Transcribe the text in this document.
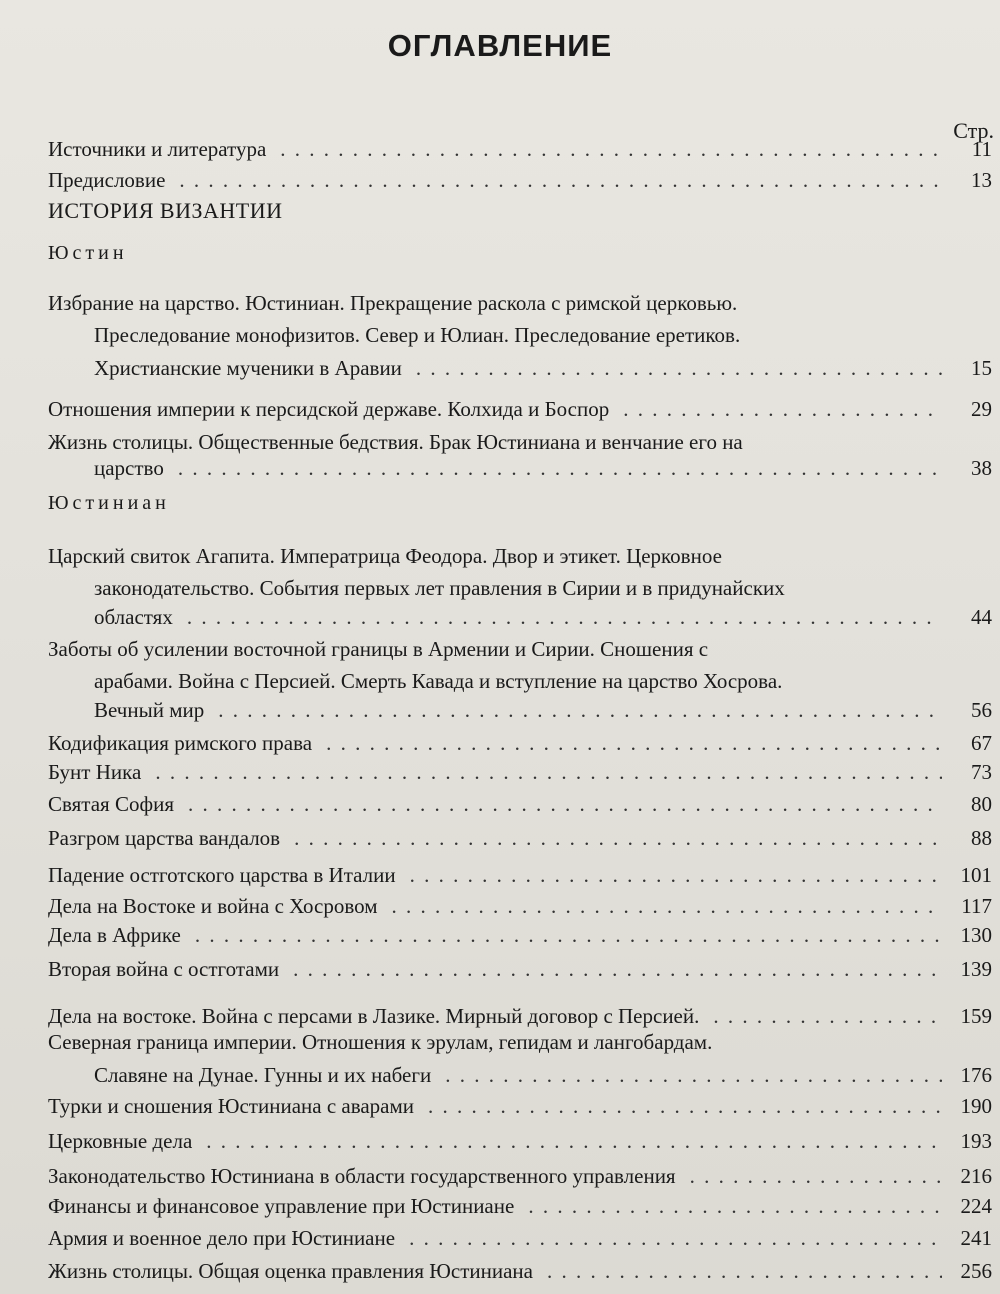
ОГЛАВЛЕНИЕ
Стр.
Источники и литература . . .	11
Предисловие . . .	13
ИСТОРИЯ ВИЗАНТИИ
Юстин
Избрание на царство. Юстиниан. Прекращение раскола с римской церковью.
Преследование монофизитов. Север и Юлиан. Преследование еретиков.
Христианские мученики в Аравии . . .	15
Отношения империи к персидской державе. Колхида и Боспор . . .	29
Жизнь столицы. Общественные бедствия. Брак Юстиниана и венчание его на
царство . . .	38
Юстиниан
Царский свиток Агапита. Императрица Феодора. Двор и этикет. Церковное
законодательство. События первых лет правления в Сирии и в придунайских
областях . . .	44
Заботы об усилении восточной границы в Армении и Сирии. Сношения с
арабами. Война с Персией. Смерть Кавада и вступление на царство Хосрова.
Вечный мир . . .	56
Кодификация римского права . . .	67
Бунт Ника . . .	73
Святая София . . .	80
Разгром царства вандалов . . .	88
Падение остготского царства в Италии . . .	101
Дела на Востоке и война с Хосровом . . .	117
Дела в Африке . . .	130
Вторая война с остготами . . .	139
Дела на востоке. Война с персами в Лазике. Мирный договор с Персией. . . .	159
Северная граница империи. Отношения к эрулам, гепидам и лангобардам.
Славяне на Дунае. Гунны и их набеги . . .	176
Турки и сношения Юстиниана с аварами . . .	190
Церковные дела . . .	193
Законодательство Юстиниана в области государственного управления . . .	216
Финансы и финансовое управление при Юстиниане . . .	224
Армия и военное дело при Юстиниане . . .	241
Жизнь столицы. Общая оценка правления Юстиниана . . .	256
